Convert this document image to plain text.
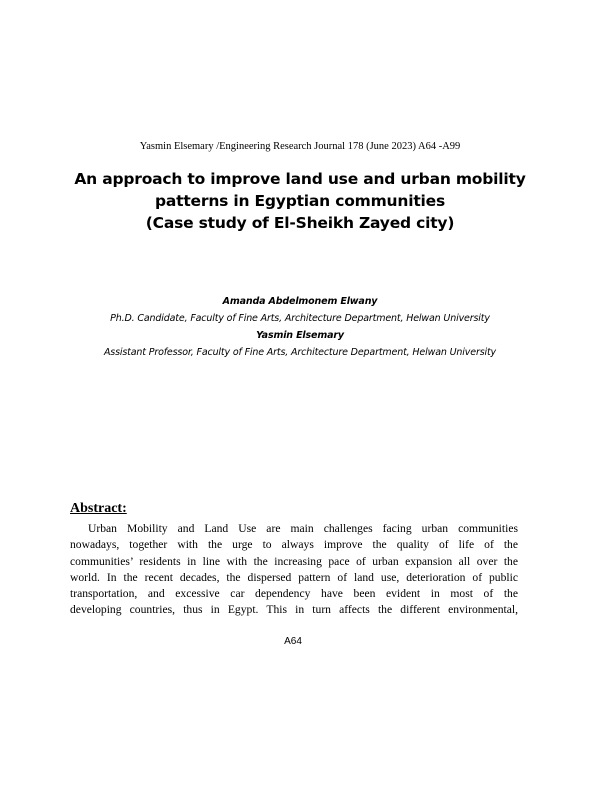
Yasmin Elsemary /Engineering Research Journal 178 (June 2023) A64 -A99
An approach to improve land use and urban mobility
patterns in Egyptian communities
(Case study of El-Sheikh Zayed city)
Amanda Abdelmonem Elwany
Ph.D. Candidate, Faculty of Fine Arts, Architecture Department, Helwan University
Yasmin Elsemary
Assistant Professor, Faculty of Fine Arts, Architecture Department, Helwan University
Abstract:
Urban Mobility and Land Use are main challenges facing urban communities
nowadays, together with the urge to always improve the quality of life of the
communities’ residents in line with the increasing pace of urban expansion all over the
world. In the recent decades, the dispersed pattern of land use, deterioration of public
transportation, and excessive car dependency have been evident in most of the
developing countries, thus in Egypt. This in turn affects the different environmental,
A64
